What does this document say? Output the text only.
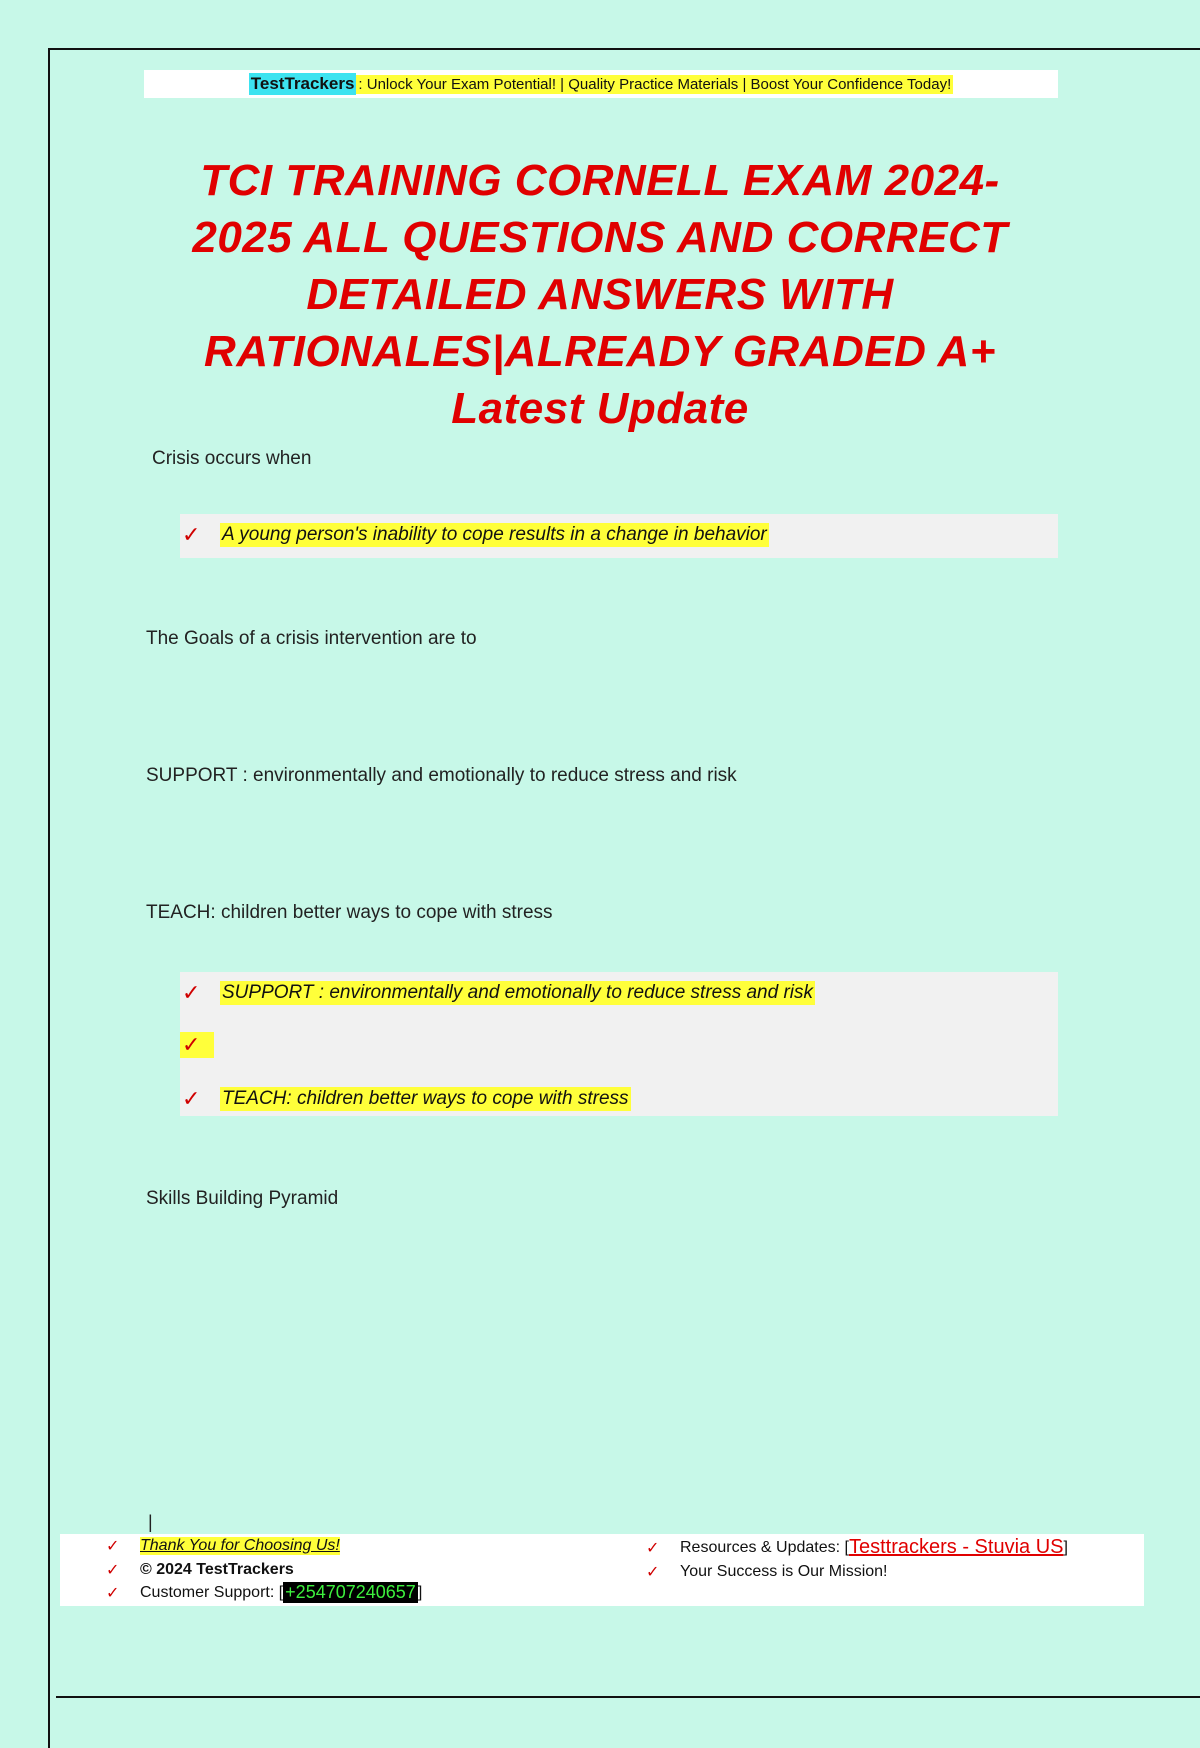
TestTrackers : Unlock Your Exam Potential! | Quality Practice Materials | Boost Your Confidence Today!
TCI TRAINING CORNELL EXAM 2024-
2025 ALL QUESTIONS AND CORRECT
DETAILED ANSWERS WITH
RATIONALES|ALREADY GRADED A+
Latest Update
Crisis occurs when
✓	A young person's inability to cope results in a change in behavior
The Goals of a crisis intervention are to
SUPPORT : environmentally and emotionally to reduce stress and risk
TEACH: children better ways to cope with stress
✓	SUPPORT : environmentally and emotionally to reduce stress and risk
✓
✓	TEACH: children better ways to cope with stress
Skills Building Pyramid
|
✓	Thank You for Choosing Us!
✓	© 2024 TestTrackers
✓	Customer Support: [ +254707240657 ]
✓	Resources & Updates: [ Testtrackers - Stuvia US ]
✓	Your Success is Our Mission!
